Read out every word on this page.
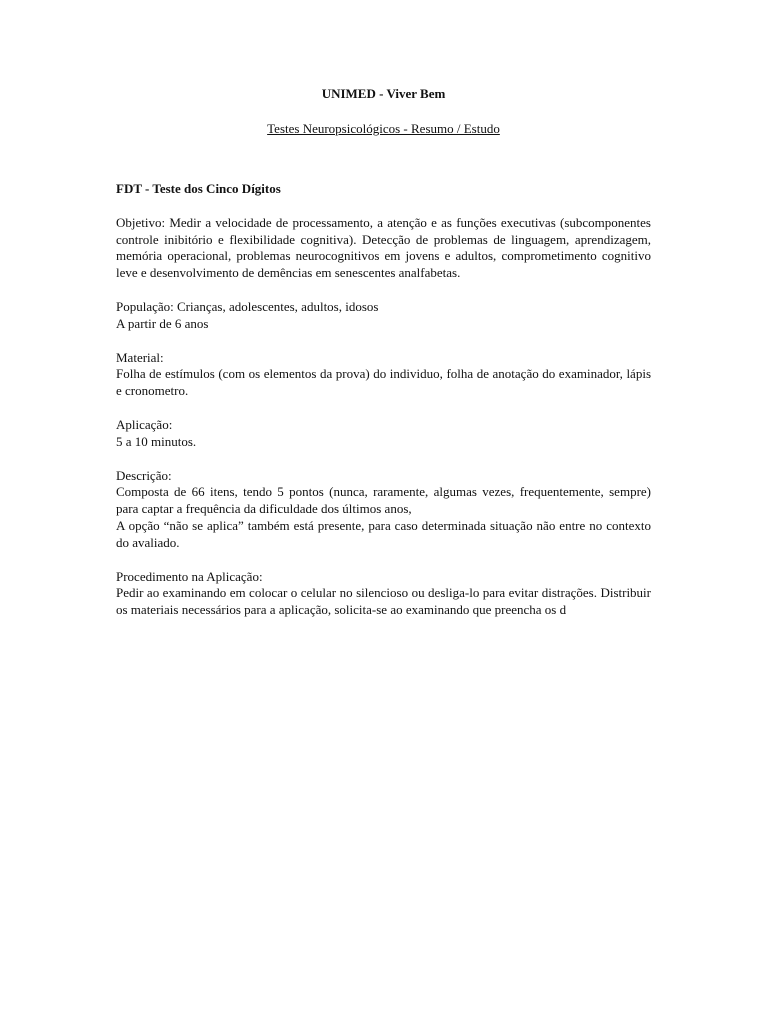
UNIMED - Viver Bem

Testes Neuropsicológicos - Resumo / Estudo

FDT - Teste dos Cinco Dígitos

Objetivo: Medir a velocidade de processamento, a atenção e as funções executivas (subcomponentes controle inibitório e flexibilidade cognitiva). Detecção de problemas de linguagem, aprendizagem, memória operacional, problemas neurocognitivos em jovens e adultos, comprometimento cognitivo leve e desenvolvimento de demências em senescentes analfabetas.

População: Crianças, adolescentes, adultos, idosos

A partir de 6 anos

Material:

Folha de estímulos (com os elementos da prova) do individuo, folha de anotação do examinador, lápis e cronometro.

Aplicação:

5 a 10 minutos.

Descrição:

Composta de 66 itens, tendo 5 pontos (nunca, raramente, algumas vezes, frequentemente, sempre) para captar a frequência da dificuldade dos últimos anos,

A opção “não se aplica” também está presente, para caso determinada situação não entre no contexto do avaliado.

Procedimento na Aplicação:

Pedir ao examinando em colocar o celular no silencioso ou desliga-lo para evitar distrações. Distribuir os materiais necessários para a aplicação, solicita-se ao examinando que preencha os d
